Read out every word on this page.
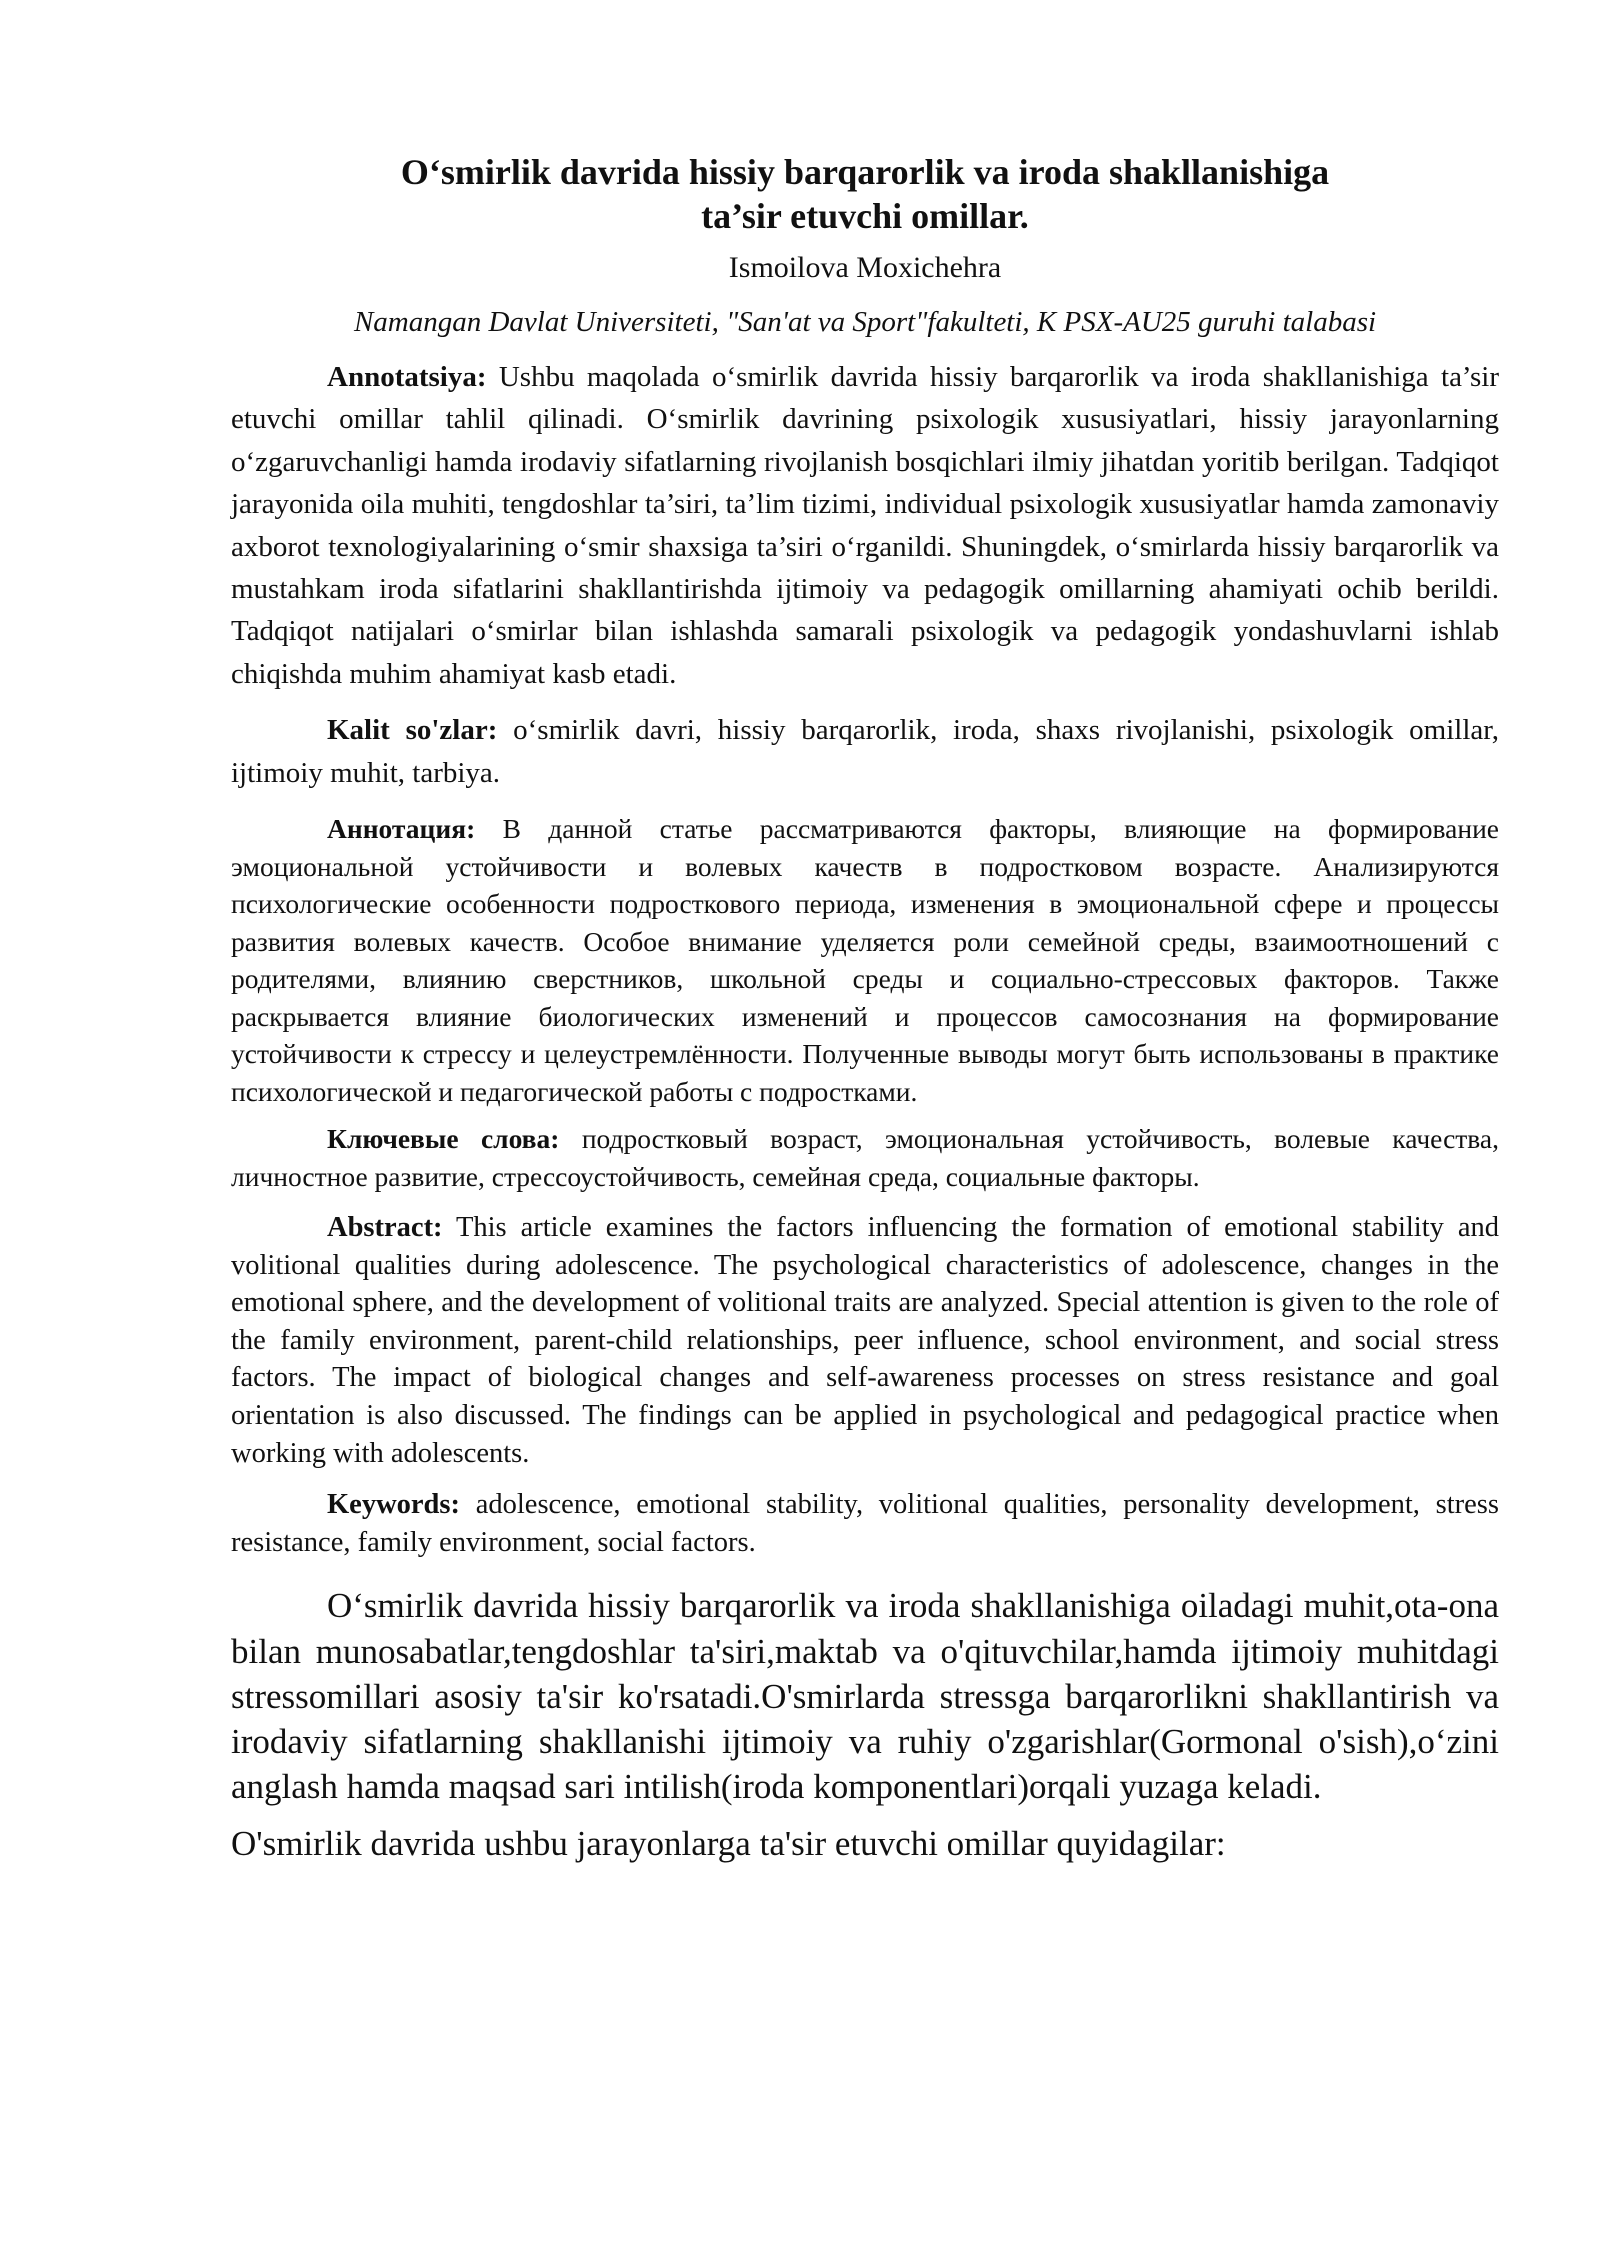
O‘smirlik davrida hissiy barqarorlik va iroda shakllanishiga
ta’sir etuvchi omillar.

Ismoilova Moxichehra

Namangan Davlat Universiteti, "San'at va Sport"fakulteti, K PSX-AU25 guruhi talabasi

Annotatsiya: Ushbu maqolada o‘smirlik davrida hissiy barqarorlik va iroda shakllanishiga ta’sir etuvchi omillar tahlil qilinadi. O‘smirlik davrining psixologik xususiyatlari, hissiy jarayonlarning o‘zgaruvchanligi hamda irodaviy sifatlarning rivojlanish bosqichlari ilmiy jihatdan yoritib berilgan. Tadqiqot jarayonida oila muhiti, tengdoshlar ta’siri, ta’lim tizimi, individual psixologik xususiyatlar hamda zamonaviy axborot texnologiyalarining o‘smir shaxsiga ta’siri o‘rganildi. Shuningdek, o‘smirlarda hissiy barqarorlik va mustahkam iroda sifatlarini shakllantirishda ijtimoiy va pedagogik omillarning ahamiyati ochib berildi. Tadqiqot natijalari o‘smirlar bilan ishlashda samarali psixologik va pedagogik yondashuvlarni ishlab chiqishda muhim ahamiyat kasb etadi.

Kalit so'zlar: o‘smirlik davri, hissiy barqarorlik, iroda, shaxs rivojlanishi, psixologik omillar, ijtimoiy muhit, tarbiya.

Аннотация: В данной статье рассматриваются факторы, влияющие на формирование эмоциональной устойчивости и волевых качеств в подростковом возрасте. Анализируются психологические особенности подросткового периода, изменения в эмоциональной сфере и процессы развития волевых качеств. Особое внимание уделяется роли семейной среды, взаимоотношений с родителями, влиянию сверстников, школьной среды и социально-стрессовых факторов. Также раскрывается влияние биологических изменений и процессов самосознания на формирование устойчивости к стрессу и целеустремлённости. Полученные выводы могут быть использованы в практике психологической и педагогической работы с подростками.

Ключевые слова: подростковый возраст, эмоциональная устойчивость, волевые качества, личностное развитие, стрессоустойчивость, семейная среда, социальные факторы.

Abstract: This article examines the factors influencing the formation of emotional stability and volitional qualities during adolescence. The psychological characteristics of adolescence, changes in the emotional sphere, and the development of volitional traits are analyzed. Special attention is given to the role of the family environment, parent-child relationships, peer influence, school environment, and social stress factors. The impact of biological changes and self-awareness processes on stress resistance and goal orientation is also discussed. The findings can be applied in psychological and pedagogical practice when working with adolescents.

Keywords: adolescence, emotional stability, volitional qualities, personality development, stress resistance, family environment, social factors.

O‘smirlik davrida hissiy barqarorlik va iroda shakllanishiga oiladagi muhit,ota-ona bilan munosabatlar,tengdoshlar ta'siri,maktab va o'qituvchilar,hamda ijtimoiy muhitdagi stressomillari asosiy ta'sir ko'rsatadi.O'smirlarda stressga barqarorlikni shakllantirish va irodaviy sifatlarning shakllanishi ijtimoiy va ruhiy o'zgarishlar(Gormonal o'sish),o‘zini anglash hamda maqsad sari intilish(iroda komponentlari)orqali yuzaga keladi.

O'smirlik davrida ushbu jarayonlarga ta'sir etuvchi omillar quyidagilar:
